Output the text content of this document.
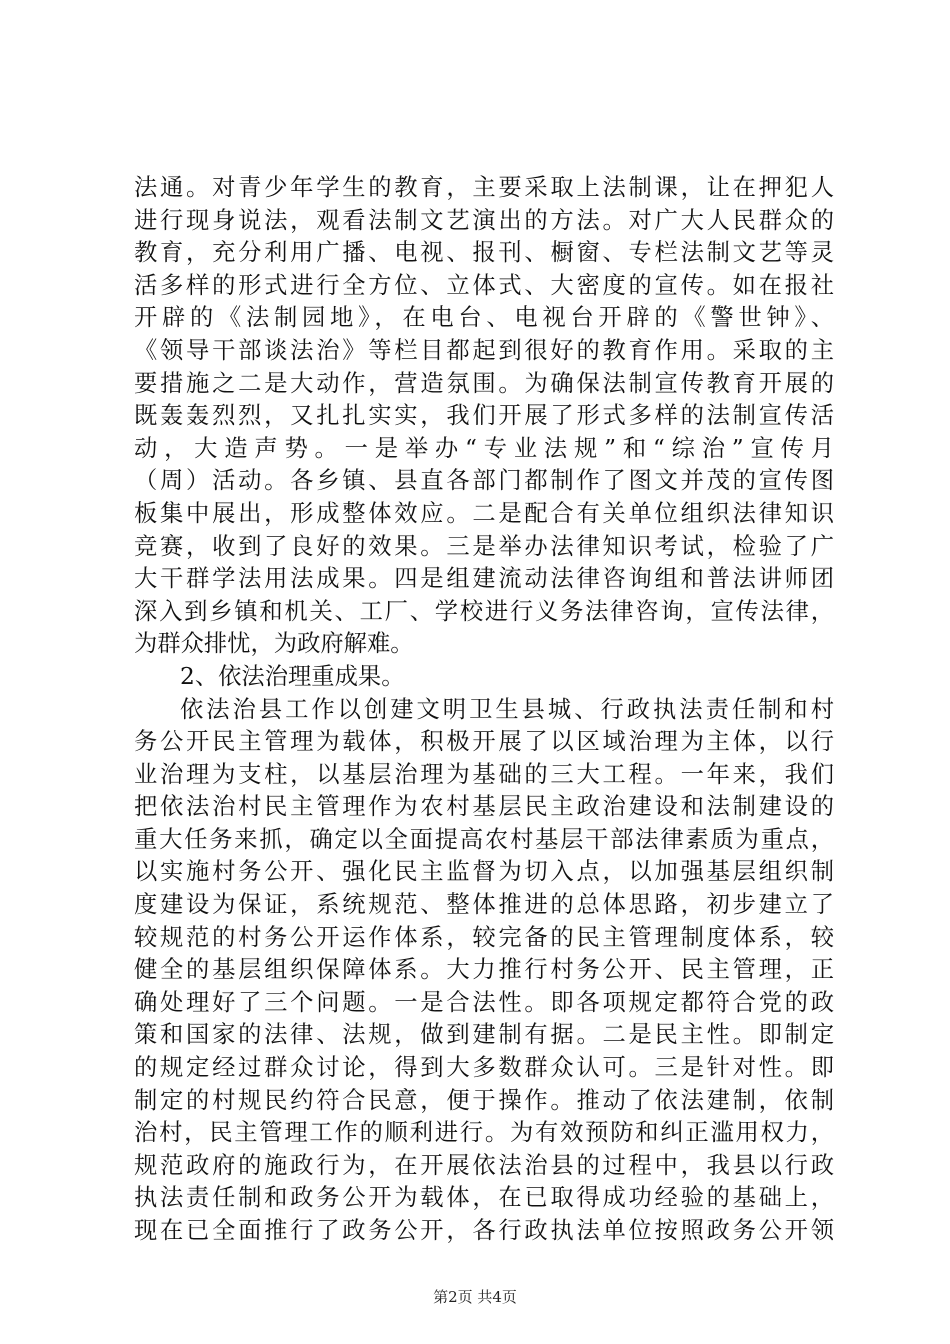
法通。对青少年学生的教育，主要采取上法制课，让在押犯人
进行现身说法，观看法制文艺演出的方法。对广大人民群众的
教育，充分利用广播、电视、报刊、橱窗、专栏法制文艺等灵
活多样的形式进行全方位、立体式、大密度的宣传。如在报社
开辟的《法制园地》，在电台、电视台开辟的《警世钟》、
《领导干部谈法治》等栏目都起到很好的教育作用。采取的主
要措施之二是大动作，营造氛围。为确保法制宣传教育开展的
既轰轰烈烈，又扎扎实实，我们开展了形式多样的法制宣传活
动，大造声势。一是举办“专业法规”和“综治”宣传月
（周）活动。各乡镇、县直各部门都制作了图文并茂的宣传图
板集中展出，形成整体效应。二是配合有关单位组织法律知识
竞赛，收到了良好的效果。三是举办法律知识考试，检验了广
大干群学法用法成果。四是组建流动法律咨询组和普法讲师团
深入到乡镇和机关、工厂、学校进行义务法律咨询，宣传法律，
为群众排忧，为政府解难。
2、依法治理重成果。
依法治县工作以创建文明卫生县城、行政执法责任制和村
务公开民主管理为载体，积极开展了以区域治理为主体，以行
业治理为支柱，以基层治理为基础的三大工程。一年来，我们
把依法治村民主管理作为农村基层民主政治建设和法制建设的
重大任务来抓，确定以全面提高农村基层干部法律素质为重点，
以实施村务公开、强化民主监督为切入点，以加强基层组织制
度建设为保证，系统规范、整体推进的总体思路，初步建立了
较规范的村务公开运作体系，较完备的民主管理制度体系，较
健全的基层组织保障体系。大力推行村务公开、民主管理，正
确处理好了三个问题。一是合法性。即各项规定都符合党的政
策和国家的法律、法规，做到建制有据。二是民主性。即制定
的规定经过群众讨论，得到大多数群众认可。三是针对性。即
制定的村规民约符合民意，便于操作。推动了依法建制，依制
治村，民主管理工作的顺利进行。为有效预防和纠正滥用权力，
规范政府的施政行为，在开展依法治县的过程中，我县以行政
执法责任制和政务公开为载体，在已取得成功经验的基础上，
现在已全面推行了政务公开，各行政执法单位按照政务公开领
第2页 共4页
